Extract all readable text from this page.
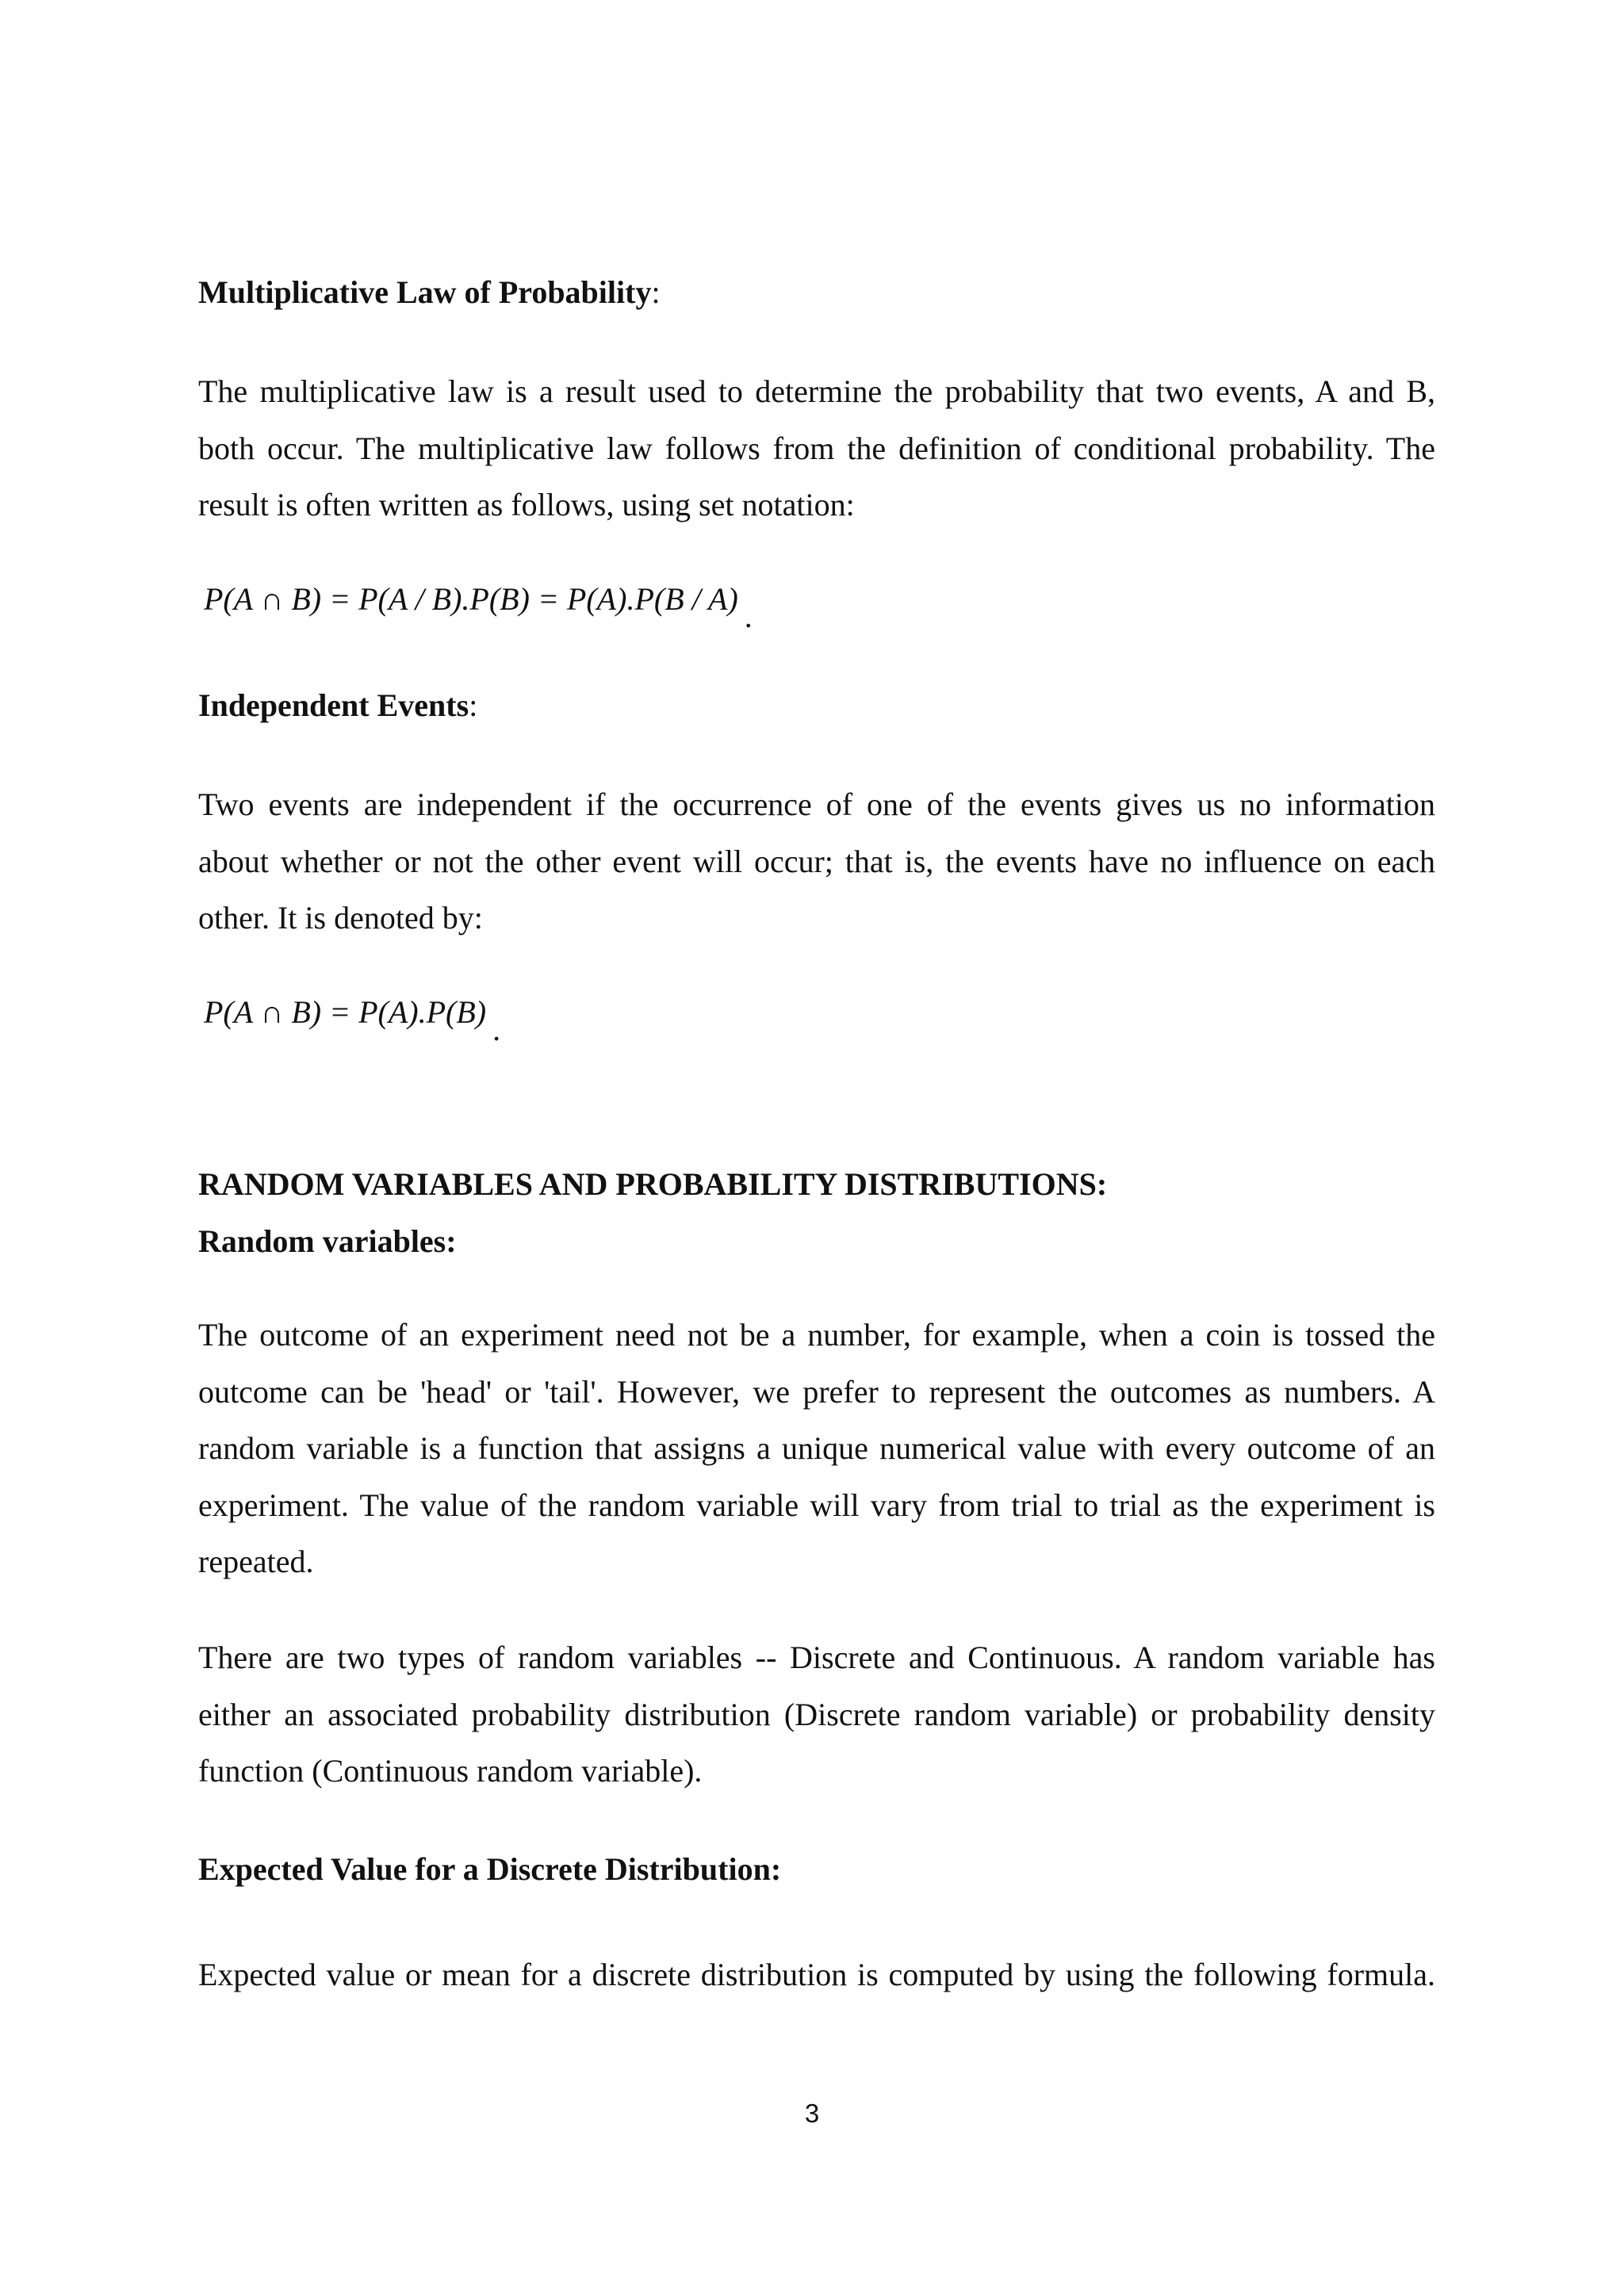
Multiplicative Law of Probability:

The multiplicative law is a result used to determine the probability that two events, A and B,
both occur. The multiplicative law follows from the definition of conditional probability. The
result is often written as follows, using set notation:

P(A ∩ B) = P(A / B).P(B) = P(A).P(B / A) .
Independent Events:

Two events are independent if the occurrence of one of the events gives us no information
about whether or not the other event will occur; that is, the events have no influence on each
other. It is denoted by:

P(A ∩ B) = P(A).P(B) .
RANDOM VARIABLES AND PROBABILITY DISTRIBUTIONS:
Random variables:

The outcome of an experiment need not be a number, for example, when a coin is tossed the
outcome can be 'head' or 'tail'. However, we prefer to represent the outcomes as numbers. A
random variable is a function that assigns a unique numerical value with every outcome of an
experiment. The value of the random variable will vary from trial to trial as the experiment is
repeated.

There are two types of random variables -- Discrete and Continuous. A random variable has
either an associated probability distribution (Discrete random variable) or probability density
function (Continuous random variable).

Expected Value for a Discrete Distribution:

Expected value or mean for a discrete distribution is computed by using the following formula.

3
